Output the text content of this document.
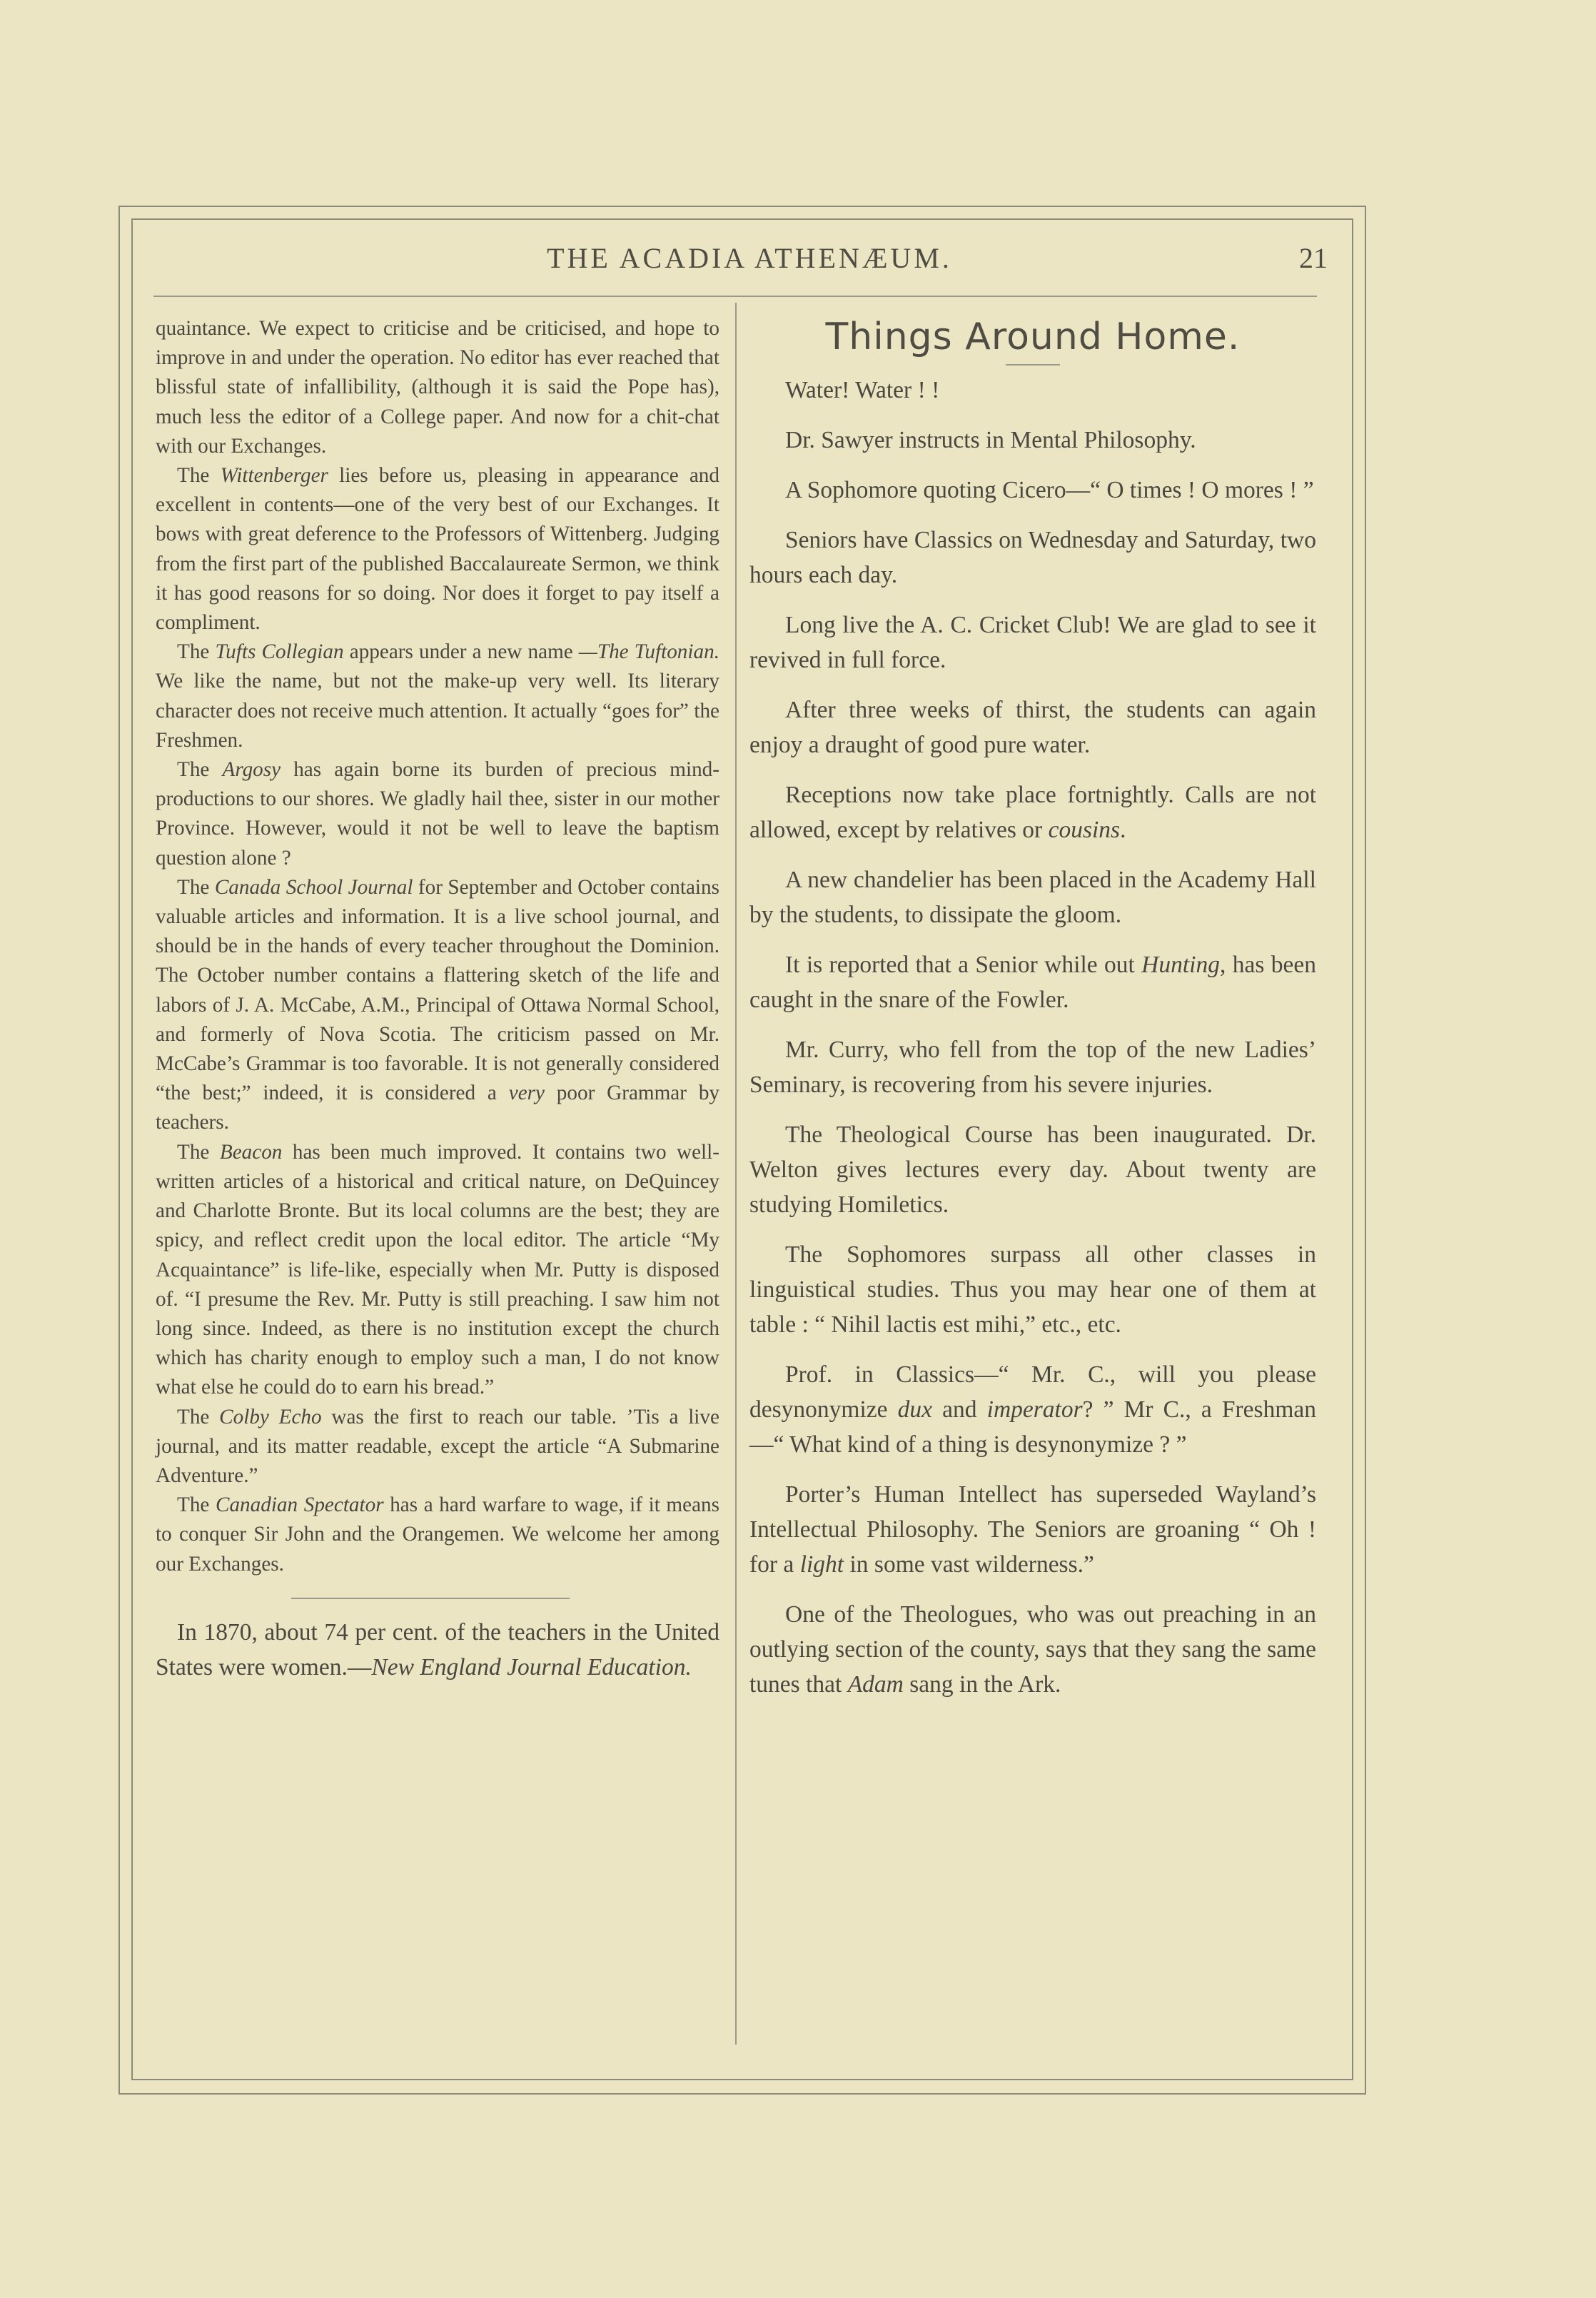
THE ACADIA ATHENÆUM.	21

quaintance. We expect to criticise and be criticised, and hope to improve in and under the operation. No editor has ever reached that blissful state of infallibility, (although it is said the Pope has), much less the editor of a College paper. And now for a chit-chat with our Exchanges.

The Wittenberger lies before us, pleasing in appearance and excellent in contents—one of the very best of our Exchanges. It bows with great deference to the Professors of Wittenberg. Judging from the first part of the published Baccalaureate Sermon, we think it has good reasons for so doing. Nor does it forget to pay itself a compliment.

The Tufts Collegian appears under a new name —The Tuftonian. We like the name, but not the make-up very well. Its literary character does not receive much attention. It actually “goes for” the Freshmen.

The Argosy has again borne its burden of precious mind-productions to our shores. We gladly hail thee, sister in our mother Province. However, would it not be well to leave the baptism question alone ?

The Canada School Journal for September and October contains valuable articles and information. It is a live school journal, and should be in the hands of every teacher throughout the Dominion. The October number contains a flattering sketch of the life and labors of J. A. McCabe, A.M., Principal of Ottawa Normal School, and formerly of Nova Scotia. The criticism passed on Mr. McCabe’s Grammar is too favorable. It is not generally considered “the best;” indeed, it is considered a very poor Grammar by teachers.

The Beacon has been much improved. It contains two well-written articles of a historical and critical nature, on DeQuincey and Charlotte Bronte. But its local columns are the best; they are spicy, and reflect credit upon the local editor. The article “My Acquaintance” is life-like, especially when Mr. Putty is disposed of. “I presume the Rev. Mr. Putty is still preaching. I saw him not long since. Indeed, as there is no institution except the church which has charity enough to employ such a man, I do not know what else he could do to earn his bread.”

The Colby Echo was the first to reach our table. ’Tis a live journal, and its matter readable, except the article “A Submarine Adventure.”

The Canadian Spectator has a hard warfare to wage, if it means to conquer Sir John and the Orangemen. We welcome her among our Exchanges.

In 1870, about 74 per cent. of the teachers in the United States were women.—New England Journal Education.

Things Around Home.

Water! Water ! !

Dr. Sawyer instructs in Mental Philosophy.

A Sophomore quoting Cicero—“ O times ! O mores ! ”

Seniors have Classics on Wednesday and Saturday, two hours each day.

Long live the A. C. Cricket Club! We are glad to see it revived in full force.

After three weeks of thirst, the students can again enjoy a draught of good pure water.

Receptions now take place fortnightly. Calls are not allowed, except by relatives or cousins.

A new chandelier has been placed in the Academy Hall by the students, to dissipate the gloom.

It is reported that a Senior while out Hunting, has been caught in the snare of the Fowler.

Mr. Curry, who fell from the top of the new Ladies’ Seminary, is recovering from his severe injuries.

The Theological Course has been inaugurated. Dr. Welton gives lectures every day. About twenty are studying Homiletics.

The Sophomores surpass all other classes in linguistical studies. Thus you may hear one of them at table : “ Nihil lactis est mihi,” etc., etc.

Prof. in Classics—“ Mr. C., will you please desynonymize dux and imperator? ” Mr C., a Freshman—“ What kind of a thing is desynonymize ? ”

Porter’s Human Intellect has superseded Wayland’s Intellectual Philosophy. The Seniors are groaning “ Oh ! for a light in some vast wilderness.”

One of the Theologues, who was out preaching in an outlying section of the county, says that they sang the same tunes that Adam sang in the Ark.
